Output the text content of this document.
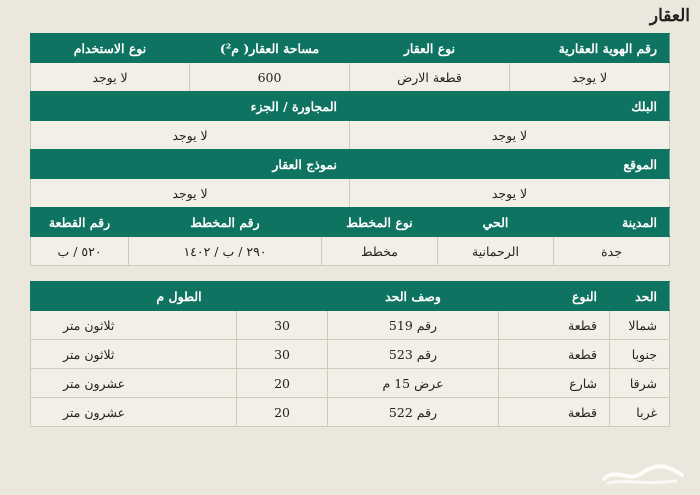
العقار
رقم الهوية العقارية	نوع العقار	مساحة العقار( م²)	نوع الاستخدام
لا يوجد	قطعة الارض	600	لا يوجد
البلك	المجاورة / الجزء
لا يوجد	لا يوجد
الموقع	نموذج العقار
لا يوجد	لا يوجد
المدينة	الحي	نوع المخطط	رقم المخطط	رقم القطعة
جدة	الرحمانية	مخطط	٢٩٠ / ب / ١٤٠٢	٥٢٠ / ب
الحد	النوع	وصف الحد	الطول م	
شمالا	قطعة	رقم 519	30	ثلاثون متر
جنوبا	قطعة	رقم 523	30	ثلاثون متر
شرقا	شارع	عرض 15 م	20	عشرون متر
غربا	قطعة	رقم 522	20	عشرون متر
